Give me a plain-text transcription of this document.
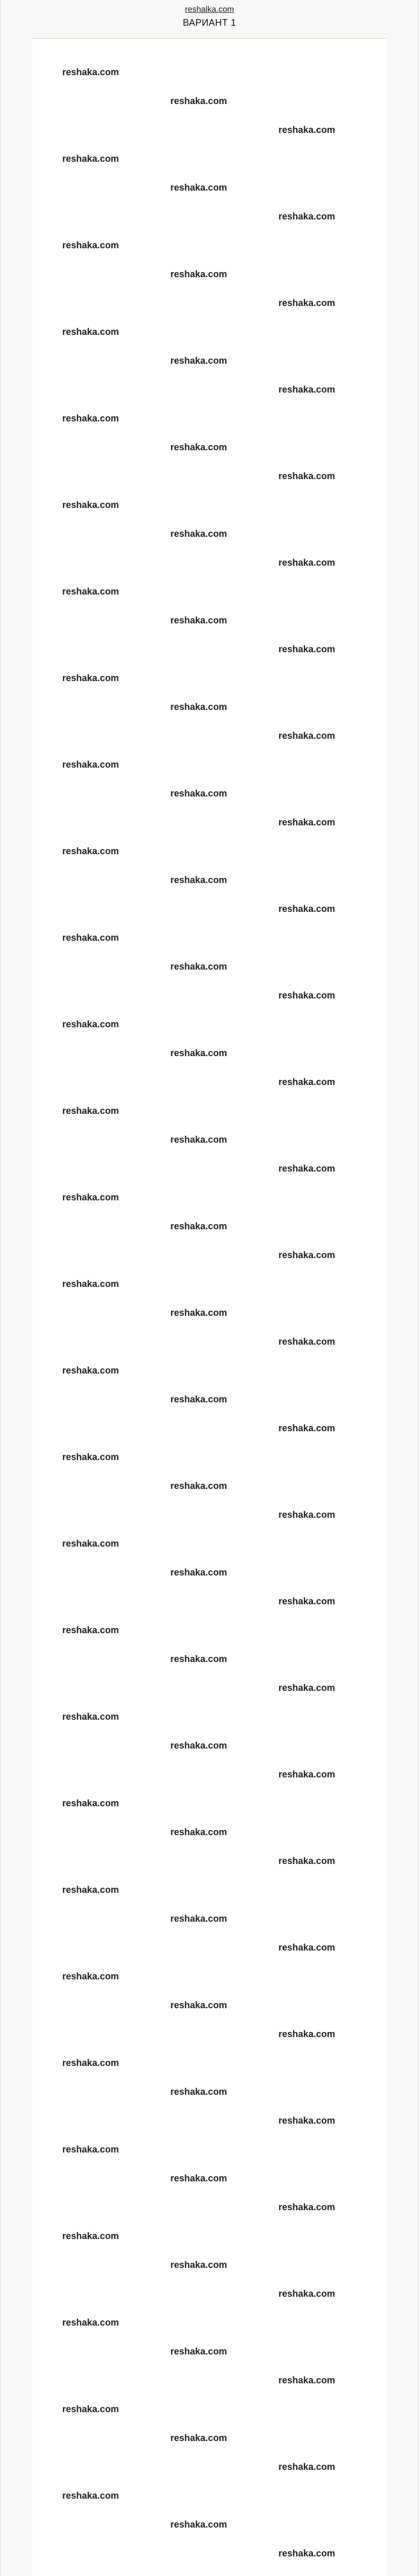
reshalka.com
ВАРИАНТ 1
reshaka.com
reshaka.com
reshaka.com
reshaka.com
reshaka.com
reshaka.com
reshaka.com
reshaka.com
reshaka.com
reshaka.com
reshaka.com
reshaka.com
reshaka.com
reshaka.com
reshaka.com
reshaka.com
reshaka.com
reshaka.com
reshaka.com
reshaka.com
reshaka.com
reshaka.com
reshaka.com
reshaka.com
reshaka.com
reshaka.com
reshaka.com
reshaka.com
reshaka.com
reshaka.com
reshaka.com
reshaka.com
reshaka.com
reshaka.com
reshaka.com
reshaka.com
reshaka.com
reshaka.com
reshaka.com
reshaka.com
reshaka.com
reshaka.com
reshaka.com
reshaka.com
reshaka.com
reshaka.com
reshaka.com
reshaka.com
reshaka.com
reshaka.com
reshaka.com
reshaka.com
reshaka.com
reshaka.com
reshaka.com
reshaka.com
reshaka.com
reshaka.com
reshaka.com
reshaka.com
reshaka.com
reshaka.com
reshaka.com
reshaka.com
reshaka.com
reshaka.com
reshaka.com
reshaka.com
reshaka.com
reshaka.com
reshaka.com
reshaka.com
reshaka.com
reshaka.com
reshaka.com
reshaka.com
reshaka.com
reshaka.com
reshaka.com
reshaka.com
reshaka.com
reshaka.com
reshaka.com
reshaka.com
reshaka.com
reshaka.com
reshaka.com
